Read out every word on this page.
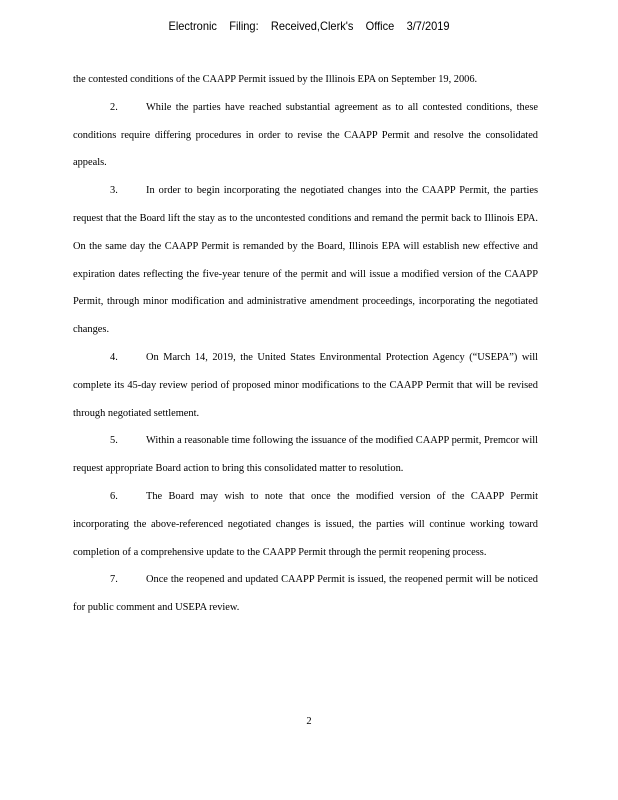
Electronic Filing: Received,Clerk's Office 3/7/2019

the contested conditions of the CAAPP Permit issued by the Illinois EPA on September 19, 2006.

2.	While the parties have reached substantial agreement as to all contested conditions, these conditions require differing procedures in order to revise the CAAPP Permit and resolve the consolidated appeals.

3.	In order to begin incorporating the negotiated changes into the CAAPP Permit, the parties request that the Board lift the stay as to the uncontested conditions and remand the permit back to Illinois EPA. On the same day the CAAPP Permit is remanded by the Board, Illinois EPA will establish new effective and expiration dates reflecting the five-year tenure of the permit and will issue a modified version of the CAAPP Permit, through minor modification and administrative amendment proceedings, incorporating the negotiated changes.

4.	On March 14, 2019, the United States Environmental Protection Agency (“USEPA”) will complete its 45-day review period of proposed minor modifications to the CAAPP Permit that will be revised through negotiated settlement.

5.	Within a reasonable time following the issuance of the modified CAAPP permit, Premcor will request appropriate Board action to bring this consolidated matter to resolution.

6.	The Board may wish to note that once the modified version of the CAAPP Permit incorporating the above-referenced negotiated changes is issued, the parties will continue working toward completion of a comprehensive update to the CAAPP Permit through the permit reopening process.

7.	Once the reopened and updated CAAPP Permit is issued, the reopened permit will be noticed for public comment and USEPA review.

2
